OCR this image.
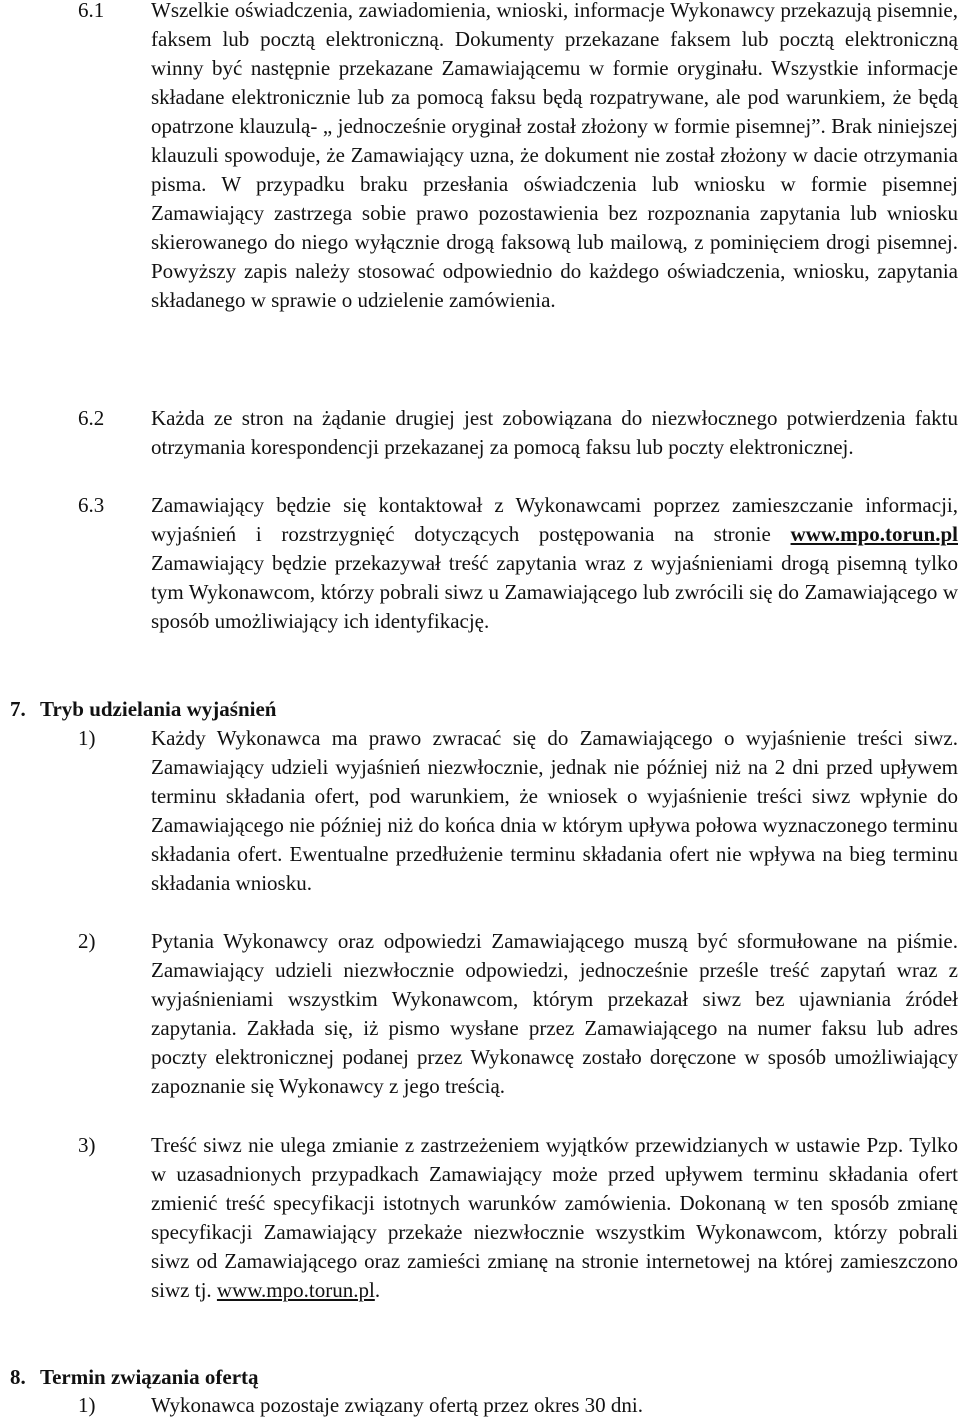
6.1 Wszelkie oświadczenia, zawiadomienia, wnioski, informacje Wykonawcy przekazują pisemnie, faksem lub pocztą elektroniczną. Dokumenty przekazane faksem lub pocztą elektroniczną winny być następnie przekazane Zamawiającemu w formie oryginału. Wszystkie informacje składane elektronicznie lub za pomocą faksu będą rozpatrywane, ale pod warunkiem, że będą opatrzone klauzulą- „ jednocześnie oryginał został złożony w formie pisemnej”. Brak niniejszej klauzuli spowoduje, że Zamawiający uzna, że dokument nie został złożony w dacie otrzymania pisma. W przypadku braku przesłania oświadczenia lub wniosku w formie pisemnej Zamawiający zastrzega sobie prawo pozostawienia bez rozpoznania zapytania lub wniosku skierowanego do niego wyłącznie drogą faksową lub mailową, z pominięciem drogi pisemnej. Powyższy zapis należy stosować odpowiednio do każdego oświadczenia, wniosku, zapytania składanego w sprawie o udzielenie zamówienia.
6.2 Każda ze stron na żądanie drugiej jest zobowiązana do niezwłocznego potwierdzenia faktu otrzymania korespondencji przekazanej za pomocą faksu lub poczty elektronicznej.
6.3 Zamawiający będzie się kontaktował z Wykonawcami poprzez zamieszczanie informacji, wyjaśnień i rozstrzygnięć dotyczących postępowania na stronie www.mpo.torun.pl Zamawiający będzie przekazywał treść zapytania wraz z wyjaśnieniami drogą pisemną tylko tym Wykonawcom, którzy pobrali siwz u Zamawiającego lub zwrócili się do Zamawiającego w sposób umożliwiający ich identyfikację.
7. Tryb udzielania wyjaśnień
1)	Każdy Wykonawca ma prawo zwracać się do Zamawiającego o wyjaśnienie treści siwz. Zamawiający udzieli wyjaśnień niezwłocznie, jednak nie później niż na 2 dni przed upływem terminu składania ofert, pod warunkiem, że wniosek o wyjaśnienie treści siwz wpłynie do Zamawiającego nie później niż do końca dnia w którym upływa połowa wyznaczonego terminu składania ofert. Ewentualne przedłużenie terminu składania ofert nie wpływa na bieg terminu składania wniosku.
2)	Pytania Wykonawcy oraz odpowiedzi Zamawiającego muszą być sformułowane na piśmie. Zamawiający udzieli niezwłocznie odpowiedzi, jednocześnie prześle treść zapytań wraz z wyjaśnieniami wszystkim Wykonawcom, którym przekazał siwz bez ujawniania źródeł zapytania. Zakłada się, iż pismo wysłane przez Zamawiającego na numer faksu lub adres poczty elektronicznej podanej przez Wykonawcę zostało doręczone w sposób umożliwiający zapoznanie się Wykonawcy z jego treścią.
3)	Treść siwz nie ulega zmianie z zastrzeżeniem wyjątków przewidzianych w ustawie Pzp. Tylko w uzasadnionych przypadkach Zamawiający może przed upływem terminu składania ofert zmienić treść specyfikacji istotnych warunków zamówienia. Dokonaną w ten sposób zmianę specyfikacji Zamawiający przekaże niezwłocznie wszystkim Wykonawcom, którzy pobrali siwz od Zamawiającego oraz zamieści zmianę na stronie internetowej na której zamieszczono siwz tj. www.mpo.torun.pl.
8. Termin związania ofertą
1)	Wykonawca pozostaje związany ofertą przez okres 30 dni.
